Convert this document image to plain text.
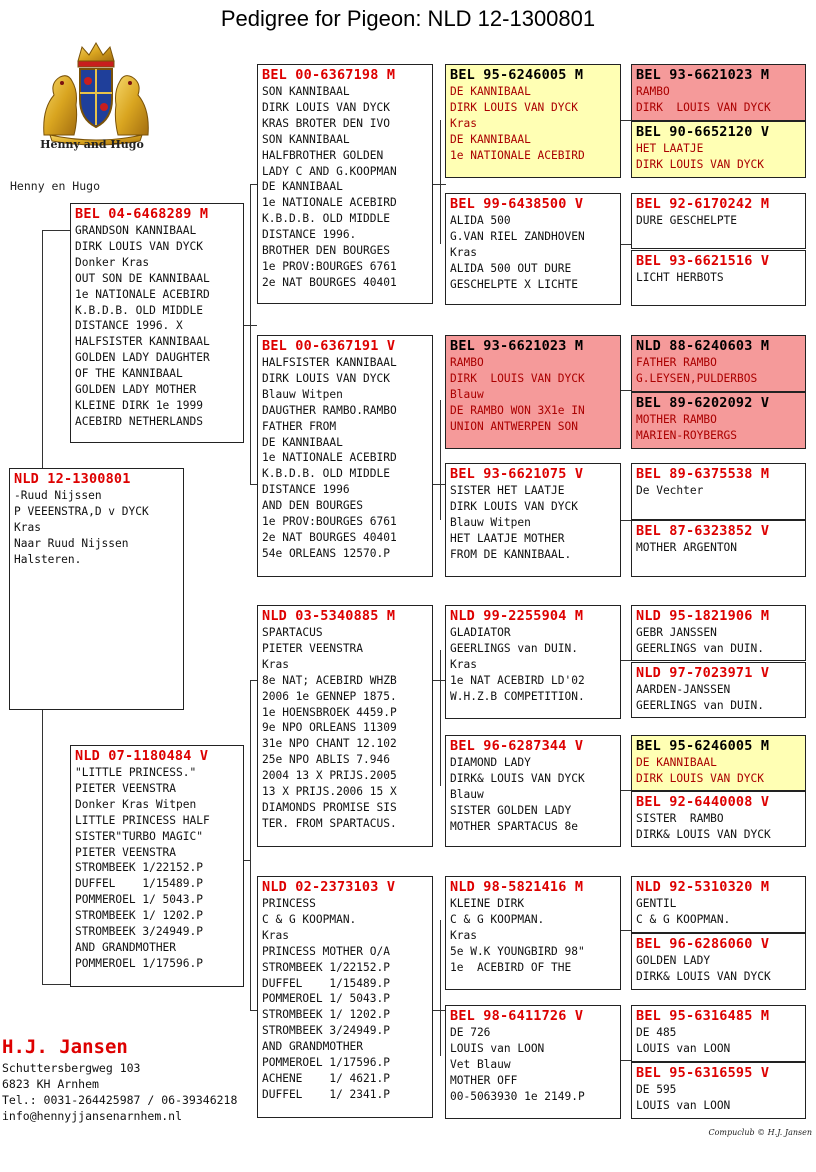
Pedigree for Pigeon: NLD 12-1300801
Henny and Hugo
Henny en Hugo
NLD 12-1300801
-Ruud Nijssen
P VEEENSTRA,D v DYCK
Kras
Naar Ruud Nijssen
Halsteren.
BEL 04-6468289 M
GRANDSON KANNIBAAL
DIRK LOUIS VAN DYCK
Donker Kras
OUT SON DE KANNIBAAL
1e NATIONALE ACEBIRD
K.B.D.B. OLD MIDDLE
DISTANCE 1996. X
HALFSISTER KANNIBAAL
GOLDEN LADY DAUGHTER
OF THE KANNIBAAL
GOLDEN LADY MOTHER
KLEINE DIRK 1e 1999
ACEBIRD NETHERLANDS
NLD 07-1180484 V
"LITTLE PRINCESS."
PIETER VEENSTRA
Donker Kras Witpen
LITTLE PRINCESS HALF
SISTER"TURBO MAGIC"
PIETER VEENSTRA
STROMBEEK 1/22152.P
DUFFEL    1/15489.P
POMMEROEL 1/ 5043.P
STROMBEEK 1/ 1202.P
STROMBEEK 3/24949.P
AND GRANDMOTHER
POMMEROEL 1/17596.P
BEL 00-6367198 M
SON KANNIBAAL
DIRK LOUIS VAN DYCK
KRAS BROTER DEN IVO
SON KANNIBAAL
HALFBROTHER GOLDEN
LADY C AND G.KOOPMAN
DE KANNIBAAL
1e NATIONALE ACEBIRD
K.B.D.B. OLD MIDDLE
DISTANCE 1996.
BROTHER DEN BOURGES
1e PROV:BOURGES 6761
2e NAT BOURGES 40401
BEL 00-6367191 V
HALFSISTER KANNIBAAL
DIRK LOUIS VAN DYCK
Blauw Witpen
DAUGTHER RAMBO.RAMBO
FATHER FROM
DE KANNIBAAL
1e NATIONALE ACEBIRD
K.B.D.B. OLD MIDDLE
DISTANCE 1996
AND DEN BOURGES
1e PROV:BOURGES 6761
2e NAT BOURGES 40401
54e ORLEANS 12570.P
NLD 03-5340885 M
SPARTACUS
PIETER VEENSTRA
Kras
8e NAT; ACEBIRD WHZB
2006 1e GENNEP 1875.
1e HOENSBROEK 4459.P
9e NPO ORLEANS 11309
31e NPO CHANT 12.102
25e NPO ABLIS 7.946
2004 13 X PRIJS.2005
13 X PRIJS.2006 15 X
DIAMONDS PROMISE SIS
TER. FROM SPARTACUS.
NLD 02-2373103 V
PRINCESS
C & G KOOPMAN.
Kras
PRINCESS MOTHER O/A
STROMBEEK 1/22152.P
DUFFEL    1/15489.P
POMMEROEL 1/ 5043.P
STROMBEEK 1/ 1202.P
STROMBEEK 3/24949.P
AND GRANDMOTHER
POMMEROEL 1/17596.P
ACHENE    1/ 4621.P
DUFFEL    1/ 2341.P
BEL 95-6246005 M
DE KANNIBAAL
DIRK LOUIS VAN DYCK
Kras
DE KANNIBAAL
1e NATIONALE ACEBIRD
BEL 99-6438500 V
ALIDA 500
G.VAN RIEL ZANDHOVEN
Kras
ALIDA 500 OUT DURE
GESCHELPTE X LICHTE
BEL 93-6621023 M
RAMBO
DIRK  LOUIS VAN DYCK
Blauw
DE RAMBO WON 3X1e IN
UNION ANTWERPEN SON
BEL 93-6621075 V
SISTER HET LAATJE
DIRK LOUIS VAN DYCK
Blauw Witpen
HET LAATJE MOTHER
FROM DE KANNIBAAL.
NLD 99-2255904 M
GLADIATOR
GEERLINGS van DUIN.
Kras
1e NAT ACEBIRD LD'02
W.H.Z.B COMPETITION.
BEL 96-6287344 V
DIAMOND LADY
DIRK& LOUIS VAN DYCK
Blauw
SISTER GOLDEN LADY
MOTHER SPARTACUS 8e
NLD 98-5821416 M
KLEINE DIRK
C & G KOOPMAN.
Kras
5e W.K YOUNGBIRD 98"
1e  ACEBIRD OF THE
BEL 98-6411726 V
DE 726
LOUIS van LOON
Vet Blauw
MOTHER OFF
00-5063930 1e 2149.P
BEL 93-6621023 M
RAMBO
DIRK  LOUIS VAN DYCK
BEL 90-6652120 V
HET LAATJE
DIRK LOUIS VAN DYCK
BEL 92-6170242 M
DURE GESCHELPTE
BEL 93-6621516 V
LICHT HERBOTS
NLD 88-6240603 M
FATHER RAMBO
G.LEYSEN,PULDERBOS
BEL 89-6202092 V
MOTHER RAMBO
MARIEN-ROYBERGS
BEL 89-6375538 M
De Vechter
BEL 87-6323852 V
MOTHER ARGENTON
NLD 95-1821906 M
GEBR JANSSEN
GEERLINGS van DUIN.
NLD 97-7023971 V
AARDEN-JANSSEN
GEERLINGS van DUIN.
BEL 95-6246005 M
DE KANNIBAAL
DIRK LOUIS VAN DYCK
BEL 92-6440008 V
SISTER  RAMBO
DIRK& LOUIS VAN DYCK
NLD 92-5310320 M
GENTIL
C & G KOOPMAN.
BEL 96-6286060 V
GOLDEN LADY
DIRK& LOUIS VAN DYCK
BEL 95-6316485 M
DE 485
LOUIS van LOON
BEL 95-6316595 V
DE 595
LOUIS van LOON
H.J. Jansen
Schuttersbergweg 103
6823 KH Arnhem
Tel.: 0031-264425987 / 06-39346218
info@hennyjjansenarnhem.nl
Compuclub © H.J. Jansen
